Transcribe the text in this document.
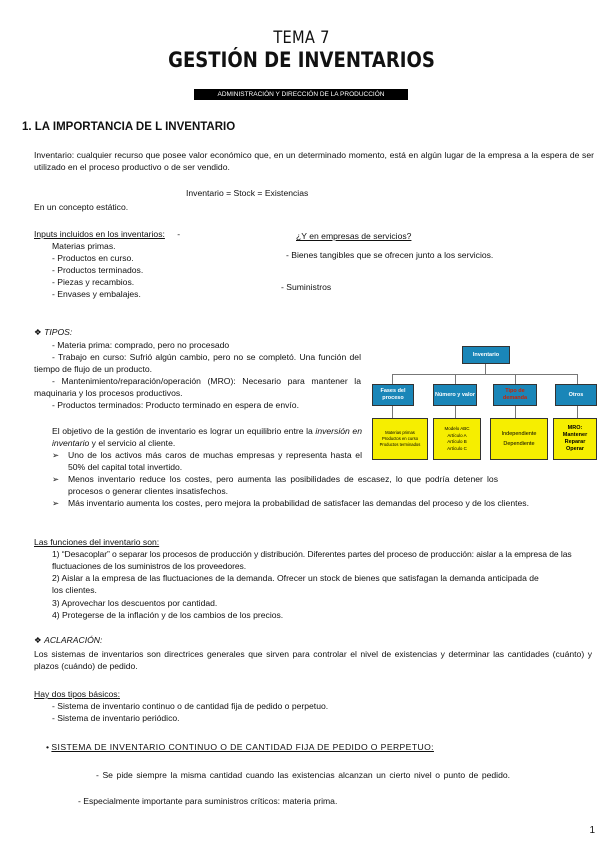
TEMA 7
GESTIÓN DE INVENTARIOS
ADMINISTRACIÓN Y DIRECCIÓN DE LA PRODUCCIÓN
1. LA IMPORTANCIA DE L INVENTARIO
Inventario: cualquier recurso que posee valor económico que, en un determinado momento, está en algún lugar de la empresa a la espera de ser utilizado en el proceso productivo o de ser vendido.
Inventario = Stock = Existencias
En un concepto estático.
Inputs incluidos en los inventarios: -
Materias primas.
- Productos en curso.
- Productos terminados.
- Piezas y recambios.
- Envases y embalajes.
¿Y en empresas de servicios?
- Bienes tangibles que se ofrecen junto a los servicios.
- Suministros
❖ TIPOS:
- Materia prima: comprado, pero no procesado
- Trabajo en curso: Sufrió algún cambio, pero no se completó. Una función del tiempo de flujo de un producto.
- Mantenimiento/reparación/operación (MRO): Necesario para mantener la maquinaria y los procesos productivos.
- Productos terminados: Producto terminado en espera de envío.
Inventario
Fases del proceso
Número y valor
Tipo de demanda
Otros
Materias primas
Productos en curso
Productos terminados
Modelo ABC
Artículo A
Artículo B
Artículo C
Independiente
Dependiente
MRO:
Mantener
Reparar
Operar
El objetivo de la gestión de inventario es lograr un equilibrio entre la inversión en inventario y el servicio al cliente.
➢ Uno de los activos más caros de muchas empresas y representa hasta el 50% del capital total invertido.
➢ Menos inventario reduce los costes, pero aumenta las posibilidades de escasez, lo que podría detener los procesos o generar clientes insatisfechos.
➢ Más inventario aumenta los costes, pero mejora la probabilidad de satisfacer las demandas del proceso y de los clientes.
Las funciones del inventario son:
1) “Desacoplar” o separar los procesos de producción y distribución. Diferentes partes del proceso de producción: aislar a la empresa de las fluctuaciones de los suministros de los proveedores.
2) Aislar a la empresa de las fluctuaciones de la demanda. Ofrecer un stock de bienes que satisfagan la demanda anticipada de los clientes.
3) Aprovechar los descuentos por cantidad.
4) Protegerse de la inflación y de los cambios de los precios.
❖ ACLARACIÓN:
Los sistemas de inventarios son directrices generales que sirven para controlar el nivel de existencias y determinar las cantidades (cuánto) y plazos (cuándo) de pedido.
Hay dos tipos básicos:
- Sistema de inventario continuo o de cantidad fija de pedido o perpetuo.
- Sistema de inventario periódico.
• SISTEMA DE INVENTARIO CONTINUO O DE CANTIDAD FIJA DE PEDIDO O PERPETUO:
- Se pide siempre la misma cantidad cuando las existencias alcanzan un cierto nivel o punto de pedido.
- Especialmente importante para suministros críticos: materia prima.
1
